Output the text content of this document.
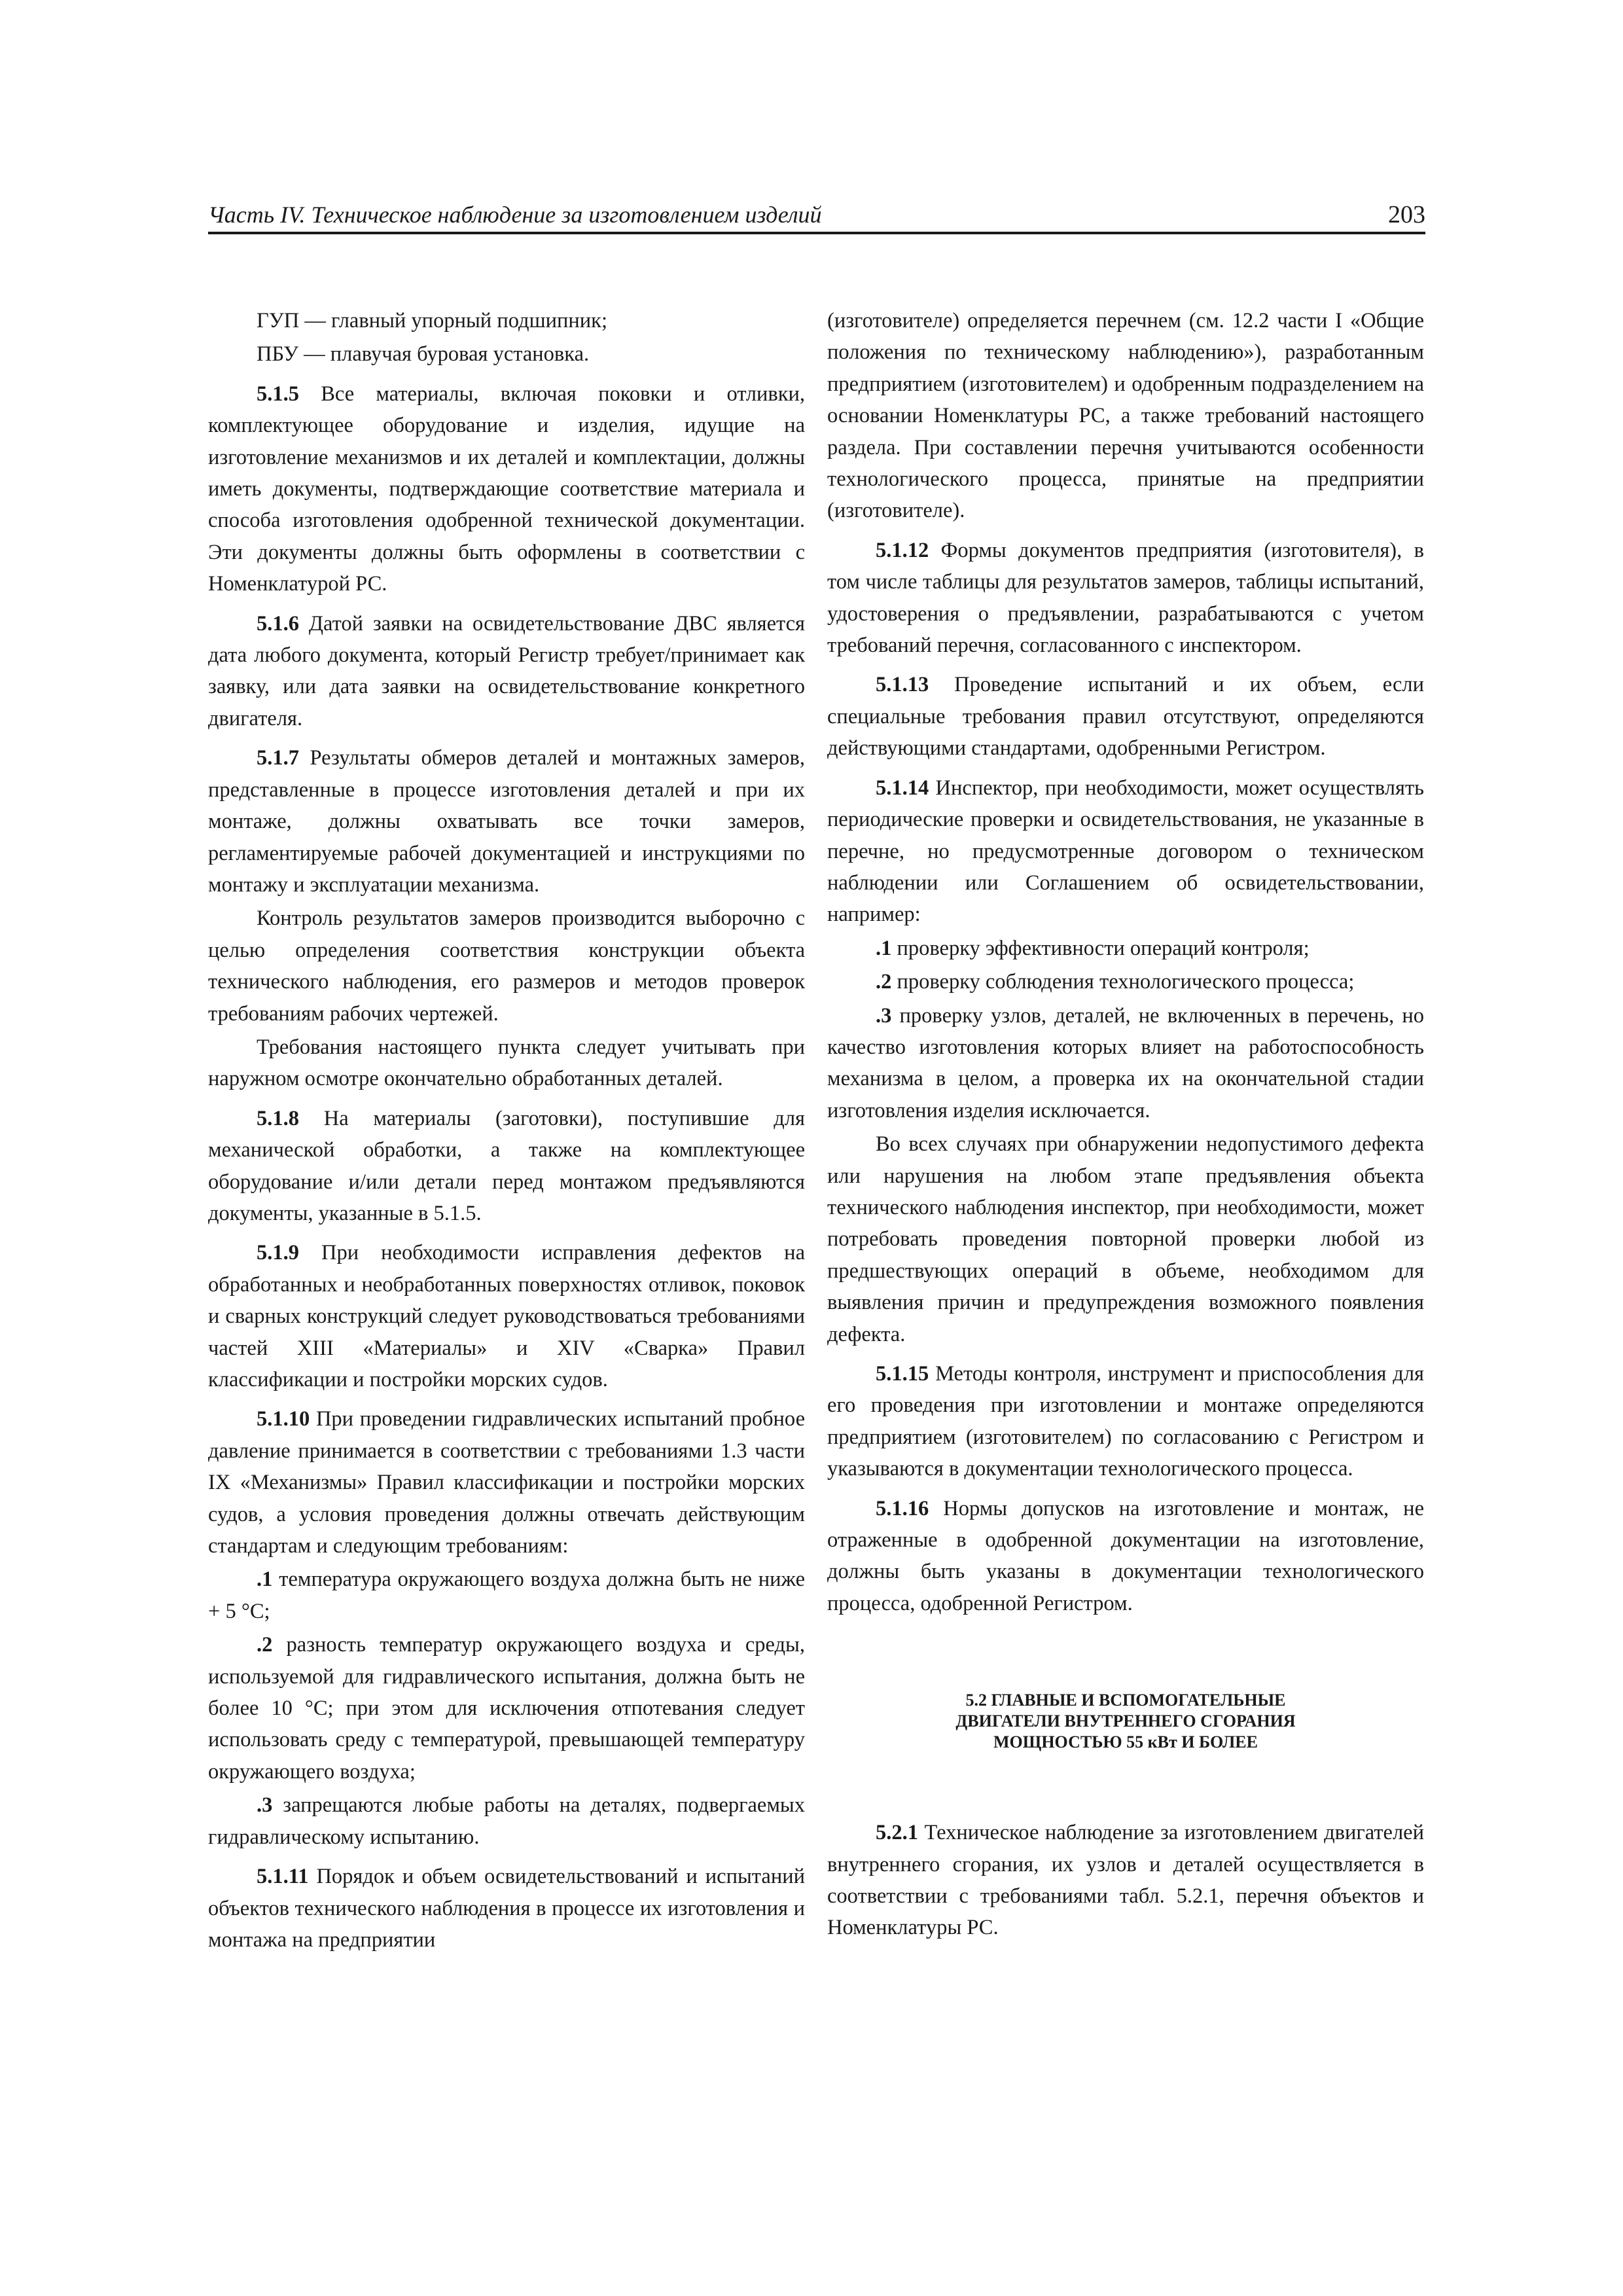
Часть IV. Техническое наблюдение за изготовлением изделий	203

ГУП — главный упорный подшипник;

ПБУ — плавучая буровая установка.

5.1.5 Все материалы, включая поковки и отливки, комплектующее оборудование и изделия, идущие на изготовление механизмов и их деталей и комплектации, должны иметь документы, подтверждающие соответствие материала и способа изготовления одобренной технической документации. Эти документы должны быть оформлены в соответствии с Номенклатурой РС.

5.1.6 Датой заявки на освидетельствование ДВС является дата любого документа, который Регистр требует/принимает как заявку, или дата заявки на освидетельствование конкретного двигателя.

5.1.7 Результаты обмеров деталей и монтажных замеров, представленные в процессе изготовления деталей и при их монтаже, должны охватывать все точки замеров, регламентируемые рабочей документацией и инструкциями по монтажу и эксплуатации механизма.

Контроль результатов замеров производится выборочно с целью определения соответствия конструкции объекта технического наблюдения, его размеров и методов проверок требованиям рабочих чертежей.

Требования настоящего пункта следует учитывать при наружном осмотре окончательно обработанных деталей.

5.1.8 На материалы (заготовки), поступившие для механической обработки, а также на комплектующее оборудование и/или детали перед монтажом предъявляются документы, указанные в 5.1.5.

5.1.9 При необходимости исправления дефектов на обработанных и необработанных поверхностях отливок, поковок и сварных конструкций следует руководствоваться требованиями частей XIII «Материалы» и XIV «Сварка» Правил классификации и постройки морских судов.

5.1.10 При проведении гидравлических испытаний пробное давление принимается в соответствии с требованиями 1.3 части IX «Механизмы» Правил классификации и постройки морских судов, а условия проведения должны отвечать действующим стандартам и следующим требованиям:

.1 температура окружающего воздуха должна быть не ниже + 5 °С;

.2 разность температур окружающего воздуха и среды, используемой для гидравлического испытания, должна быть не более 10 °С; при этом для исключения отпотевания следует использовать среду с температурой, превышающей температуру окружающего воздуха;

.3 запрещаются любые работы на деталях, подвергаемых гидравлическому испытанию.

5.1.11 Порядок и объем освидетельствований и испытаний объектов технического наблюдения в процессе их изготовления и монтажа на предприятии

(изготовителе) определяется перечнем (см. 12.2 части I «Общие положения по техническому наблюдению»), разработанным предприятием (изготовителем) и одобренным подразделением на основании Номенклатуры РС, а также требований настоящего раздела. При составлении перечня учитываются особенности технологического процесса, принятые на предприятии (изготовителе).

5.1.12 Формы документов предприятия (изготовителя), в том числе таблицы для результатов замеров, таблицы испытаний, удостоверения о предъявлении, разрабатываются с учетом требований перечня, согласованного с инспектором.

5.1.13 Проведение испытаний и их объем, если специальные требования правил отсутствуют, определяются действующими стандартами, одобренными Регистром.

5.1.14 Инспектор, при необходимости, может осуществлять периодические проверки и освидетельствования, не указанные в перечне, но предусмотренные договором о техническом наблюдении или Соглашением об освидетельствовании, например:

.1 проверку эффективности операций контроля;

.2 проверку соблюдения технологического процесса;

.3 проверку узлов, деталей, не включенных в перечень, но качество изготовления которых влияет на работоспособность механизма в целом, а проверка их на окончательной стадии изготовления изделия исключается.

Во всех случаях при обнаружении недопустимого дефекта или нарушения на любом этапе предъявления объекта технического наблюдения инспектор, при необходимости, может потребовать проведения повторной проверки любой из предшествующих операций в объеме, необходимом для выявления причин и предупреждения возможного появления дефекта.

5.1.15 Методы контроля, инструмент и приспособления для его проведения при изготовлении и монтаже определяются предприятием (изготовителем) по согласованию с Регистром и указываются в документации технологического процесса.

5.1.16 Нормы допусков на изготовление и монтаж, не отраженные в одобренной документации на изготовление, должны быть указаны в документации технологического процесса, одобренной Регистром.

5.2 ГЛАВНЫЕ И ВСПОМОГАТЕЛЬНЫЕ
ДВИГАТЕЛИ ВНУТРЕННЕГО СГОРАНИЯ
МОЩНОСТЬЮ 55 кВт И БОЛЕЕ

5.2.1 Техническое наблюдение за изготовлением двигателей внутреннего сгорания, их узлов и деталей осуществляется в соответствии с требованиями табл. 5.2.1, перечня объектов и Номенклатуры РС.
